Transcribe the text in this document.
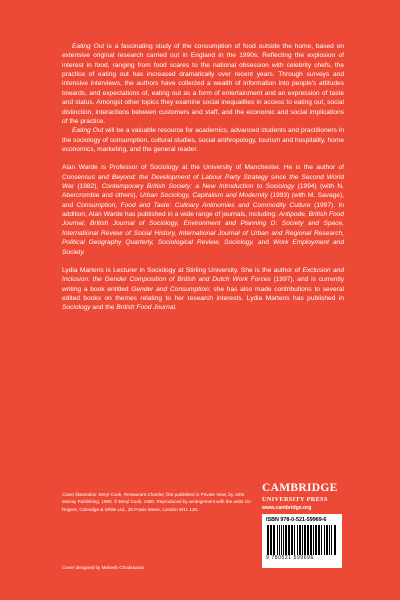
Eating Out is a fascinating study of the consumption of food outside the home, based on extensive original research carried out in England in the 1990s. Reflecting the explosion of interest in food, ranging from food scares to the national obsession with celebrity chefs, the practice of eating out has increased dramatically over recent years. Through surveys and intensive interviews, the authors have collected a wealth of information into people's attitudes towards, and expectations of, eating out as a form of entertainment and an expression of taste and status. Amongst other topics they examine social inequalities in access to eating out, social distinction, interactions between customers and staff, and the economic and social implications of the practice.

Eating Out will be a valuable resource for academics, advanced students and practitioners in the sociology of consumption, cultural studies, social anthropology, tourism and hospitality, home economics, marketing, and the general reader.

Alan Warde is Professor of Sociology at the University of Manchester. He is the author of Consensus and Beyond: the Development of Labour Party Strategy since the Second World War (1982), Contemporary British Society: a New Introduction to Sociology (1994) (with N. Abercrombie and others), Urban Sociology, Capitalism and Modernity (1993) (with M. Savage), and Consumption, Food and Taste: Culinary Antinomies and Commodity Culture (1997). In addition, Alan Warde has published in a wide range of journals, including: Antipode, British Food Journal, British Journal of Sociology, Environment and Planning D: Society and Space, International Review of Social History, International Journal of Urban and Regional Research, Political Geography Quarterly, Sociological Review, Sociology, and Work Employment and Society.

Lydia Martens is Lecturer in Sociology at Stirling University. She is the author of Exclusion and Inclusion: the Gender Composition of British and Dutch Work Forces (1997), and is currently writing a book entitled Gender and Consumption; she has also made contributions to several edited books on themes relating to her research interests. Lydia Martens has published in Sociology and the British Food Journal.

Cover illustration: Beryl Cook, Restaurant Chartier, first published in Private View, by John Murray Publishing, 1980. © Beryl Cook, 1980. Reproduced by arrangement with the artist c/o Rogers, Coleridge & White Ltd., 20 Powis Mews, London W11 1JN.

Cover designed by Mahesh Chudasama
CAMBRIDGE
UNIVERSITY PRESS
www.cambridge.org
ISBN 978-0-521-59969-6
9 780521 599696
